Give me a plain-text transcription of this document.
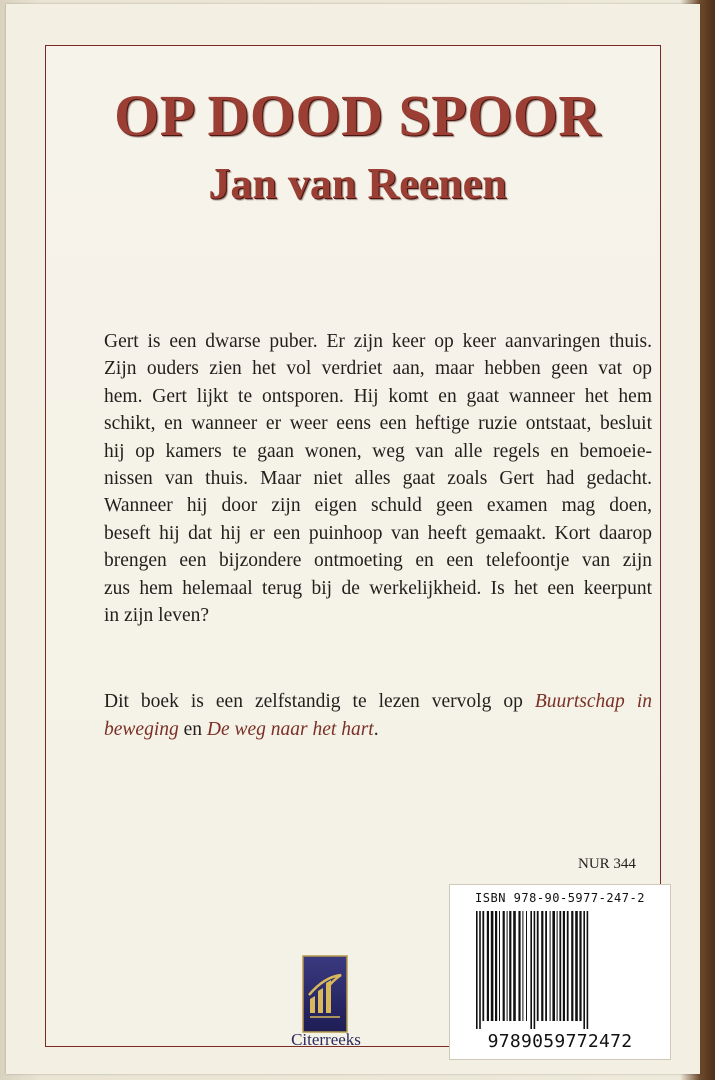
OP DOOD SPOOR
Jan van Reenen
Gert is een dwarse puber. Er zijn keer op keer aanvaringen thuis.
Zijn ouders zien het vol verdriet aan, maar hebben geen vat op
hem. Gert lijkt te ontsporen. Hij komt en gaat wanneer het hem
schikt, en wanneer er weer eens een heftige ruzie ontstaat, besluit
hij op kamers te gaan wonen, weg van alle regels en bemoeie-
nissen van thuis. Maar niet alles gaat zoals Gert had gedacht.
Wanneer hij door zijn eigen schuld geen examen mag doen,
beseft hij dat hij er een puinhoop van heeft gemaakt. Kort daarop
brengen een bijzondere ontmoeting en een telefoontje van zijn
zus hem helemaal terug bij de werkelijkheid. Is het een keerpunt
in zijn leven?
Dit boek is een zelfstandig te lezen vervolg op Buurtschap in
beweging en De weg naar het hart.
NUR 344
ISBN 978-90-5977-247-2
9789059772472
Citerreeks
